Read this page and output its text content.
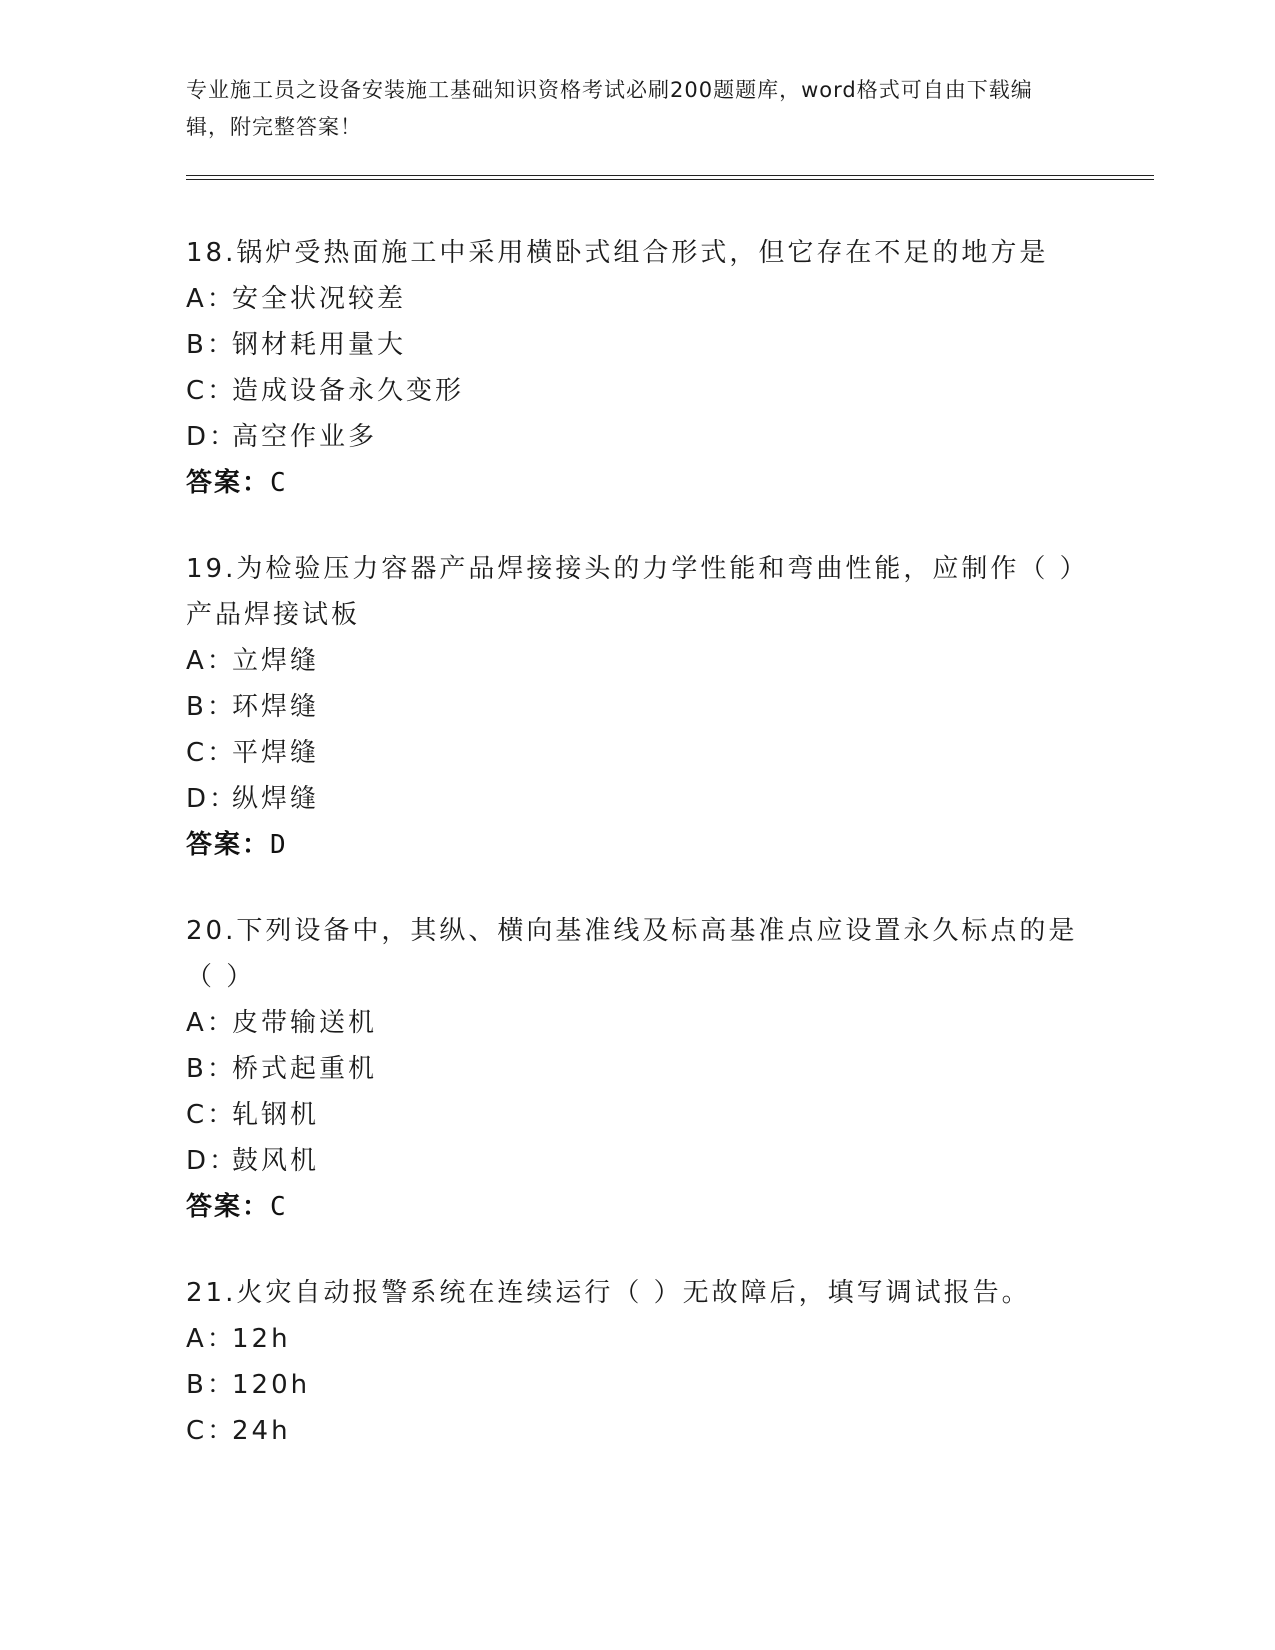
专业施工员之设备安装施工基础知识资格考试必刷200题题库，word格式可自由下载编辑，附完整答案！
18.锅炉受热面施工中采用横卧式组合形式，但它存在不足的地方是
A：
安全状况较差
B：
钢材耗用量大
C：
造成设备永久变形
D：
高空作业多
答案：C
19.为检验压力容器产品焊接接头的力学性能和弯曲性能，应制作（ ）产品焊接试板
A：
立焊缝
B：
环焊缝
C：
平焊缝
D：
纵焊缝
答案：D
20.下列设备中，其纵、横向基准线及标高基准点应设置永久标点的是（ ）
A：
皮带输送机
B：
桥式起重机
C：
轧钢机
D：
鼓风机
答案：C
21.火灾自动报警系统在连续运行（ ）无故障后，填写调试报告。
A：
12h
B：
120h
C：
24h
